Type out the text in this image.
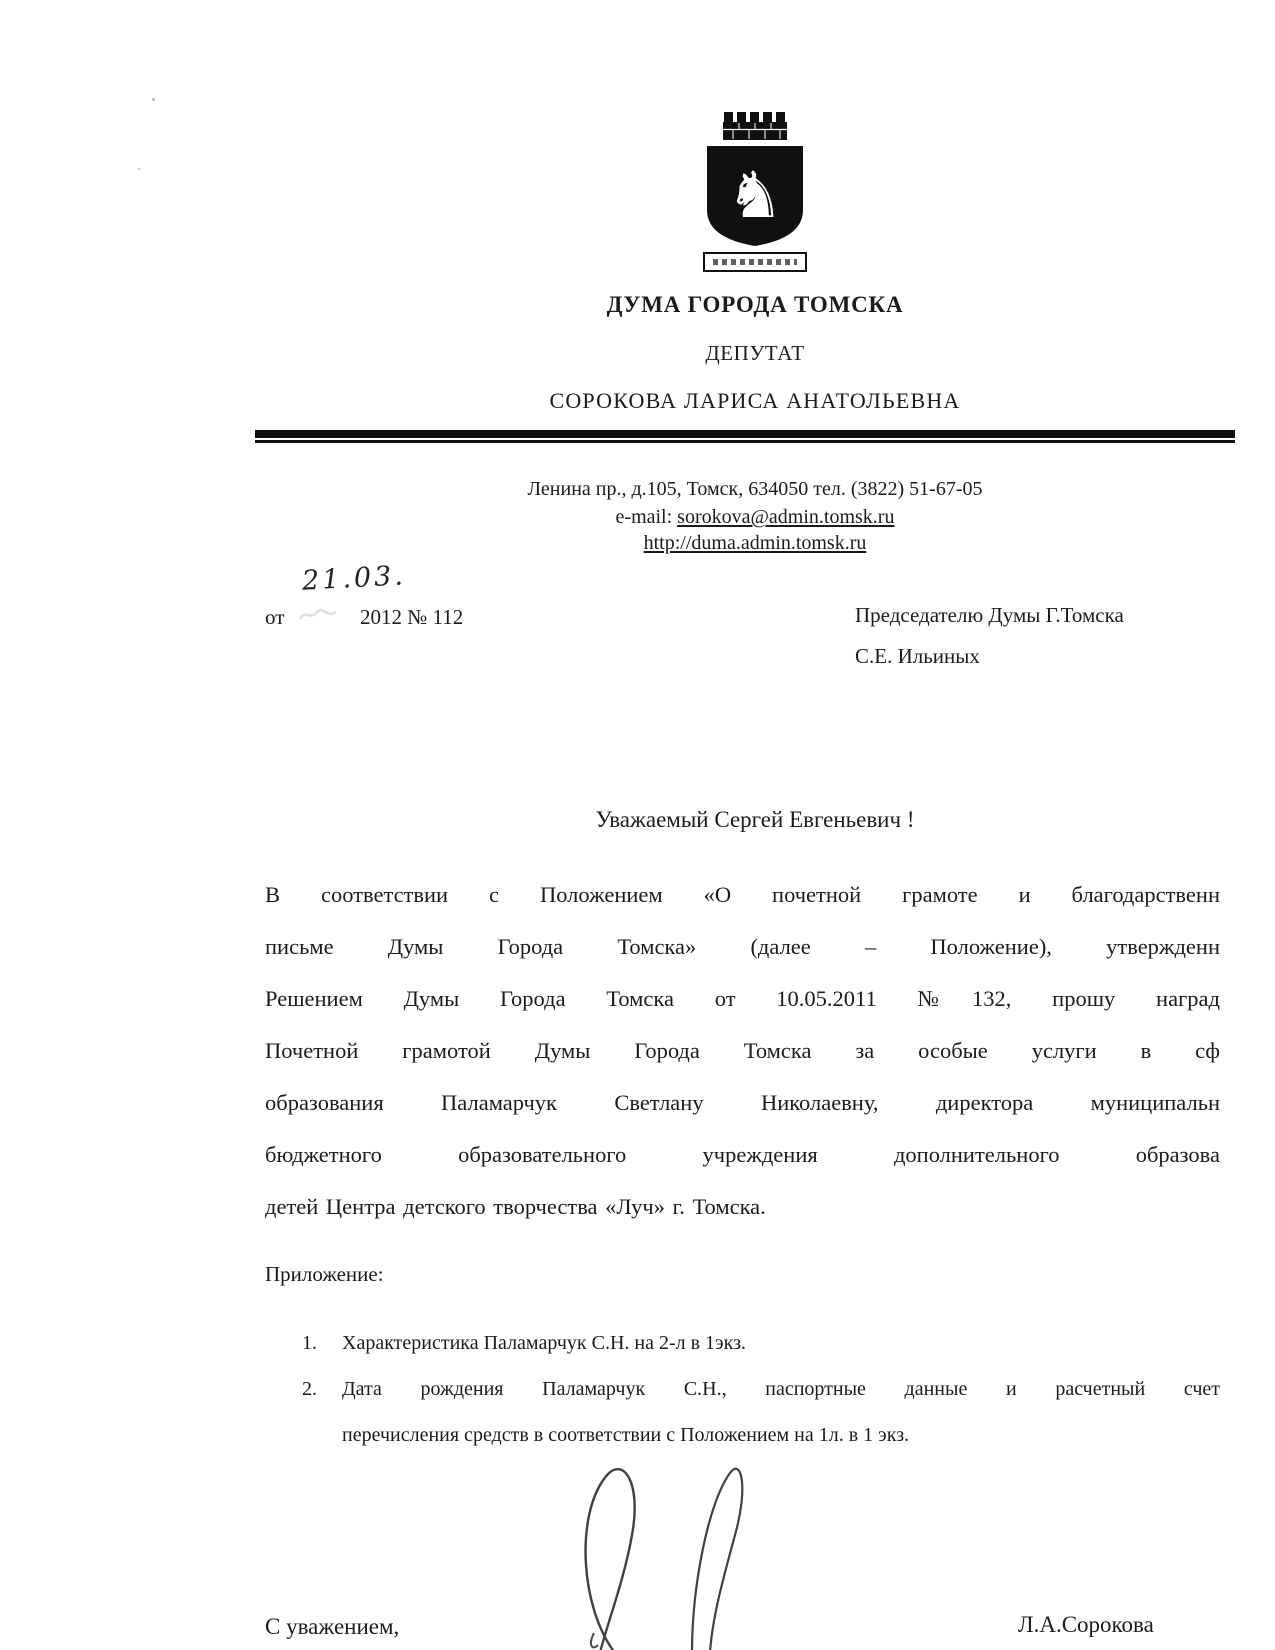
♞
ДУМА ГОРОДА ТОМСКА
ДЕПУТАТ
СОРОКОВА ЛАРИСА АНАТОЛЬЕВНА
Ленина пр., д.105, Томск, 634050 тел. (3822) 51-67-05
e-mail: sorokova@admin.tomsk.ru
http://duma.admin.tomsk.ru
21.03.
от	2012 № 112	Председателю Думы Г.Томска
С.Е. Ильиных
Уважаемый Сергей Евгеньевич !
В соответствии с Положением «О почетной грамоте и благодарственн
письме Думы Города Томска» (далее – Положение), утвержденн
Решением Думы Города Томска от 10.05.2011 №132, прошу наград
Почетной грамотой Думы Города Томска за особые услуги в сф
образования Паламарчук Светлану Николаевну, директора муниципальн
бюджетного образовательного учреждения дополнительного образова
детей Центра детского творчества «Луч» г. Томска.
Приложение:
1. Характеристика Паламарчук С.Н. на 2-л в 1экз.
2. Дата рождения Паламарчук С.Н., паспортные данные и расчетный счет
перечисления средств в соответствии с Положением на 1л. в 1 экз.
С уважением,	Л.А.Сорокова
